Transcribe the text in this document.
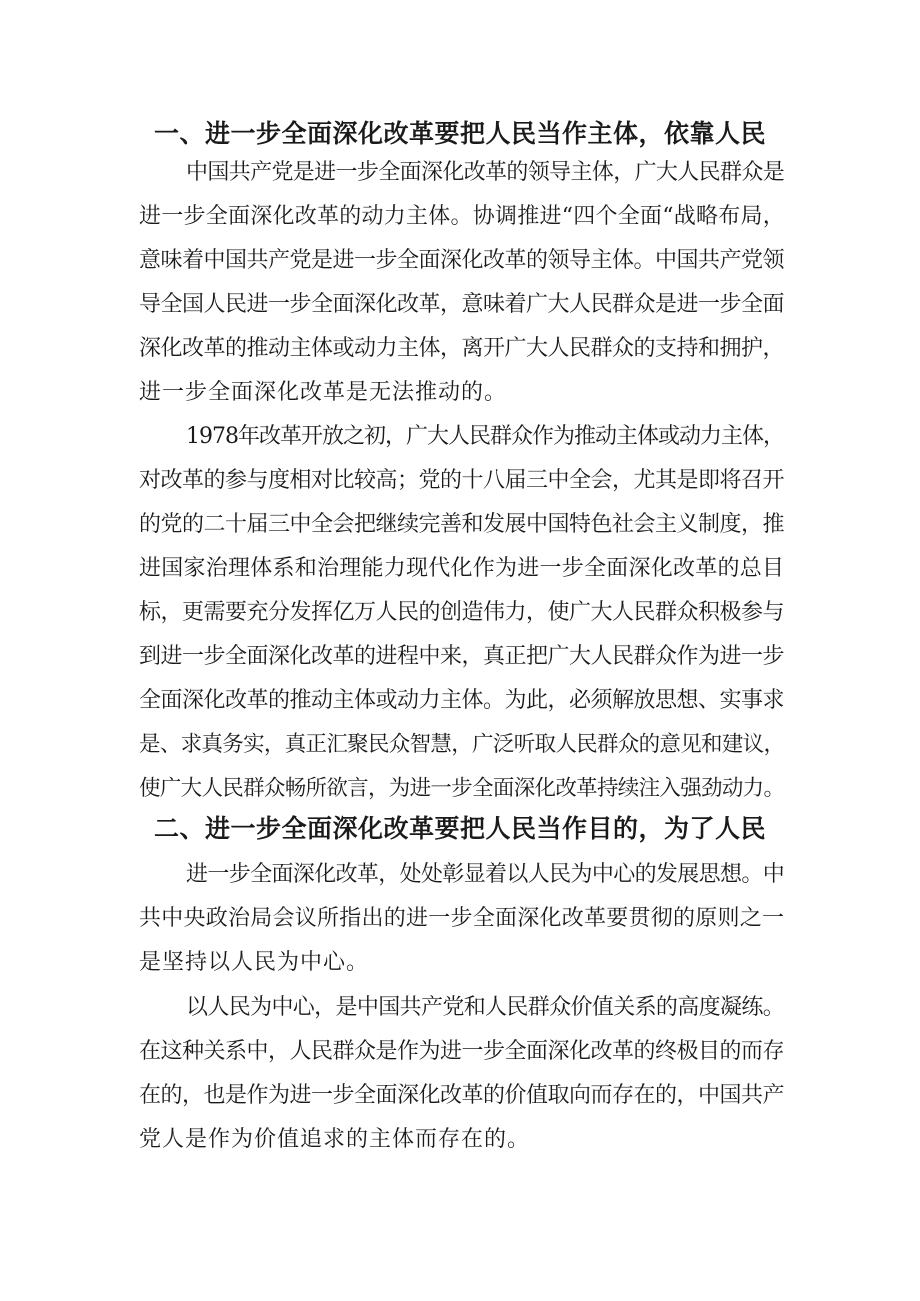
一、进一步全面深化改革要把人民当作主体，依靠人民
中国共产党是进一步全面深化改革的领导主体，广大人民群众是
进一步全面深化改革的动力主体。协调推进“四个全面“战略布局，
意味着中国共产党是进一步全面深化改革的领导主体。中国共产党领
导全国人民进一步全面深化改革，意味着广大人民群众是进一步全面
深化改革的推动主体或动力主体，离开广大人民群众的支持和拥护，
进一步全面深化改革是无法推动的。
1978年改革开放之初，广大人民群众作为推动主体或动力主体，
对改革的参与度相对比较高；党的十八届三中全会，尤其是即将召开
的党的二十届三中全会把继续完善和发展中国特色社会主义制度，推
进国家治理体系和治理能力现代化作为进一步全面深化改革的总目
标，更需要充分发挥亿万人民的创造伟力，使广大人民群众积极参与
到进一步全面深化改革的进程中来，真正把广大人民群众作为进一步
全面深化改革的推动主体或动力主体。为此，必须解放思想、实事求
是、求真务实，真正汇聚民众智慧，广泛听取人民群众的意见和建议，
使广大人民群众畅所欲言，为进一步全面深化改革持续注入强劲动力。
二、进一步全面深化改革要把人民当作目的，为了人民
进一步全面深化改革，处处彰显着以人民为中心的发展思想。中
共中央政治局会议所指出的进一步全面深化改革要贯彻的原则之一
是坚持以人民为中心。
以人民为中心，是中国共产党和人民群众价值关系的高度凝练。
在这种关系中，人民群众是作为进一步全面深化改革的终极目的而存
在的，也是作为进一步全面深化改革的价值取向而存在的，中国共产
党人是作为价值追求的主体而存在的。
